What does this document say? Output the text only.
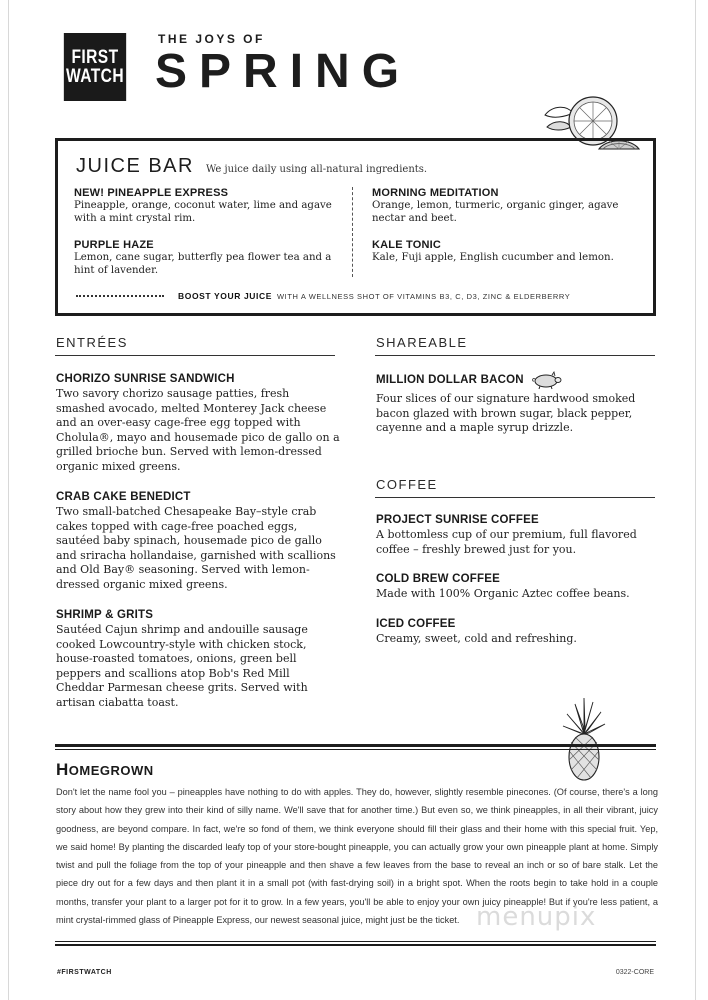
FIRST
WATCH
THE JOYS OF
SPRING
JUICE BAR We juice daily using all-natural ingredients.
NEW! PINEAPPLE EXPRESS
Pineapple, orange, coconut water, lime and agave with a mint crystal rim.
PURPLE HAZE
Lemon, cane sugar, butterfly pea flower tea and a hint of lavender.
MORNING MEDITATION
Orange, lemon, turmeric, organic ginger, agave nectar and beet.
KALE TONIC
Kale, Fuji apple, English cucumber and lemon.
BOOST YOUR JUICE WITH A WELLNESS SHOT OF VITAMINS B3, C, D3, ZINC & ELDERBERRY
ENTRÉES
CHORIZO SUNRISE SANDWICH
Two savory chorizo sausage patties, fresh smashed avocado, melted Monterey Jack cheese and an over-easy cage-free egg topped with Cholula®, mayo and housemade pico de gallo on a grilled brioche bun. Served with lemon-dressed organic mixed greens.
CRAB CAKE BENEDICT
Two small-batched Chesapeake Bay–style crab cakes topped with cage-free poached eggs, sautéed baby spinach, housemade pico de gallo and sriracha hollandaise, garnished with scallions and Old Bay® seasoning. Served with lemon-dressed organic mixed greens.
SHRIMP & GRITS
Sautéed Cajun shrimp and andouille sausage cooked Lowcountry-style with chicken stock, house-roasted tomatoes, onions, green bell peppers and scallions atop Bob's Red Mill Cheddar Parmesan cheese grits. Served with artisan ciabatta toast.
SHAREABLE
MILLION DOLLAR BACON
Four slices of our signature hardwood smoked bacon glazed with brown sugar, black pepper, cayenne and a maple syrup drizzle.
COFFEE
PROJECT SUNRISE COFFEE
A bottomless cup of our premium, full flavored coffee – freshly brewed just for you.
COLD BREW COFFEE
Made with 100% Organic Aztec coffee beans.
ICED COFFEE
Creamy, sweet, cold and refreshing.
HOMEGROWN
Don't let the name fool you – pineapples have nothing to do with apples. They do, however, slightly resemble pinecones. (Of course, there's a long story about how they grew into their kind of silly name. We'll save that for another time.) But even so, we think pineapples, in all their vibrant, juicy goodness, are beyond compare. In fact, we're so fond of them, we think everyone should fill their glass and their home with this special fruit. Yep, we said home! By planting the discarded leafy top of your store-bought pineapple, you can actually grow your own pineapple plant at home. Simply twist and pull the foliage from the top of your pineapple and then shave a few leaves from the base to reveal an inch or so of bare stalk. Let the piece dry out for a few days and then plant it in a small pot (with fast-drying soil) in a bright spot. When the roots begin to take hold in a couple months, transfer your plant to a larger pot for it to grow. In a few years, you'll be able to enjoy your own juicy pineapple! But if you're less patient, a mint crystal-rimmed glass of Pineapple Express, our newest seasonal juice, might just be the ticket. menupix
#FIRSTWATCH	0322-CORE
